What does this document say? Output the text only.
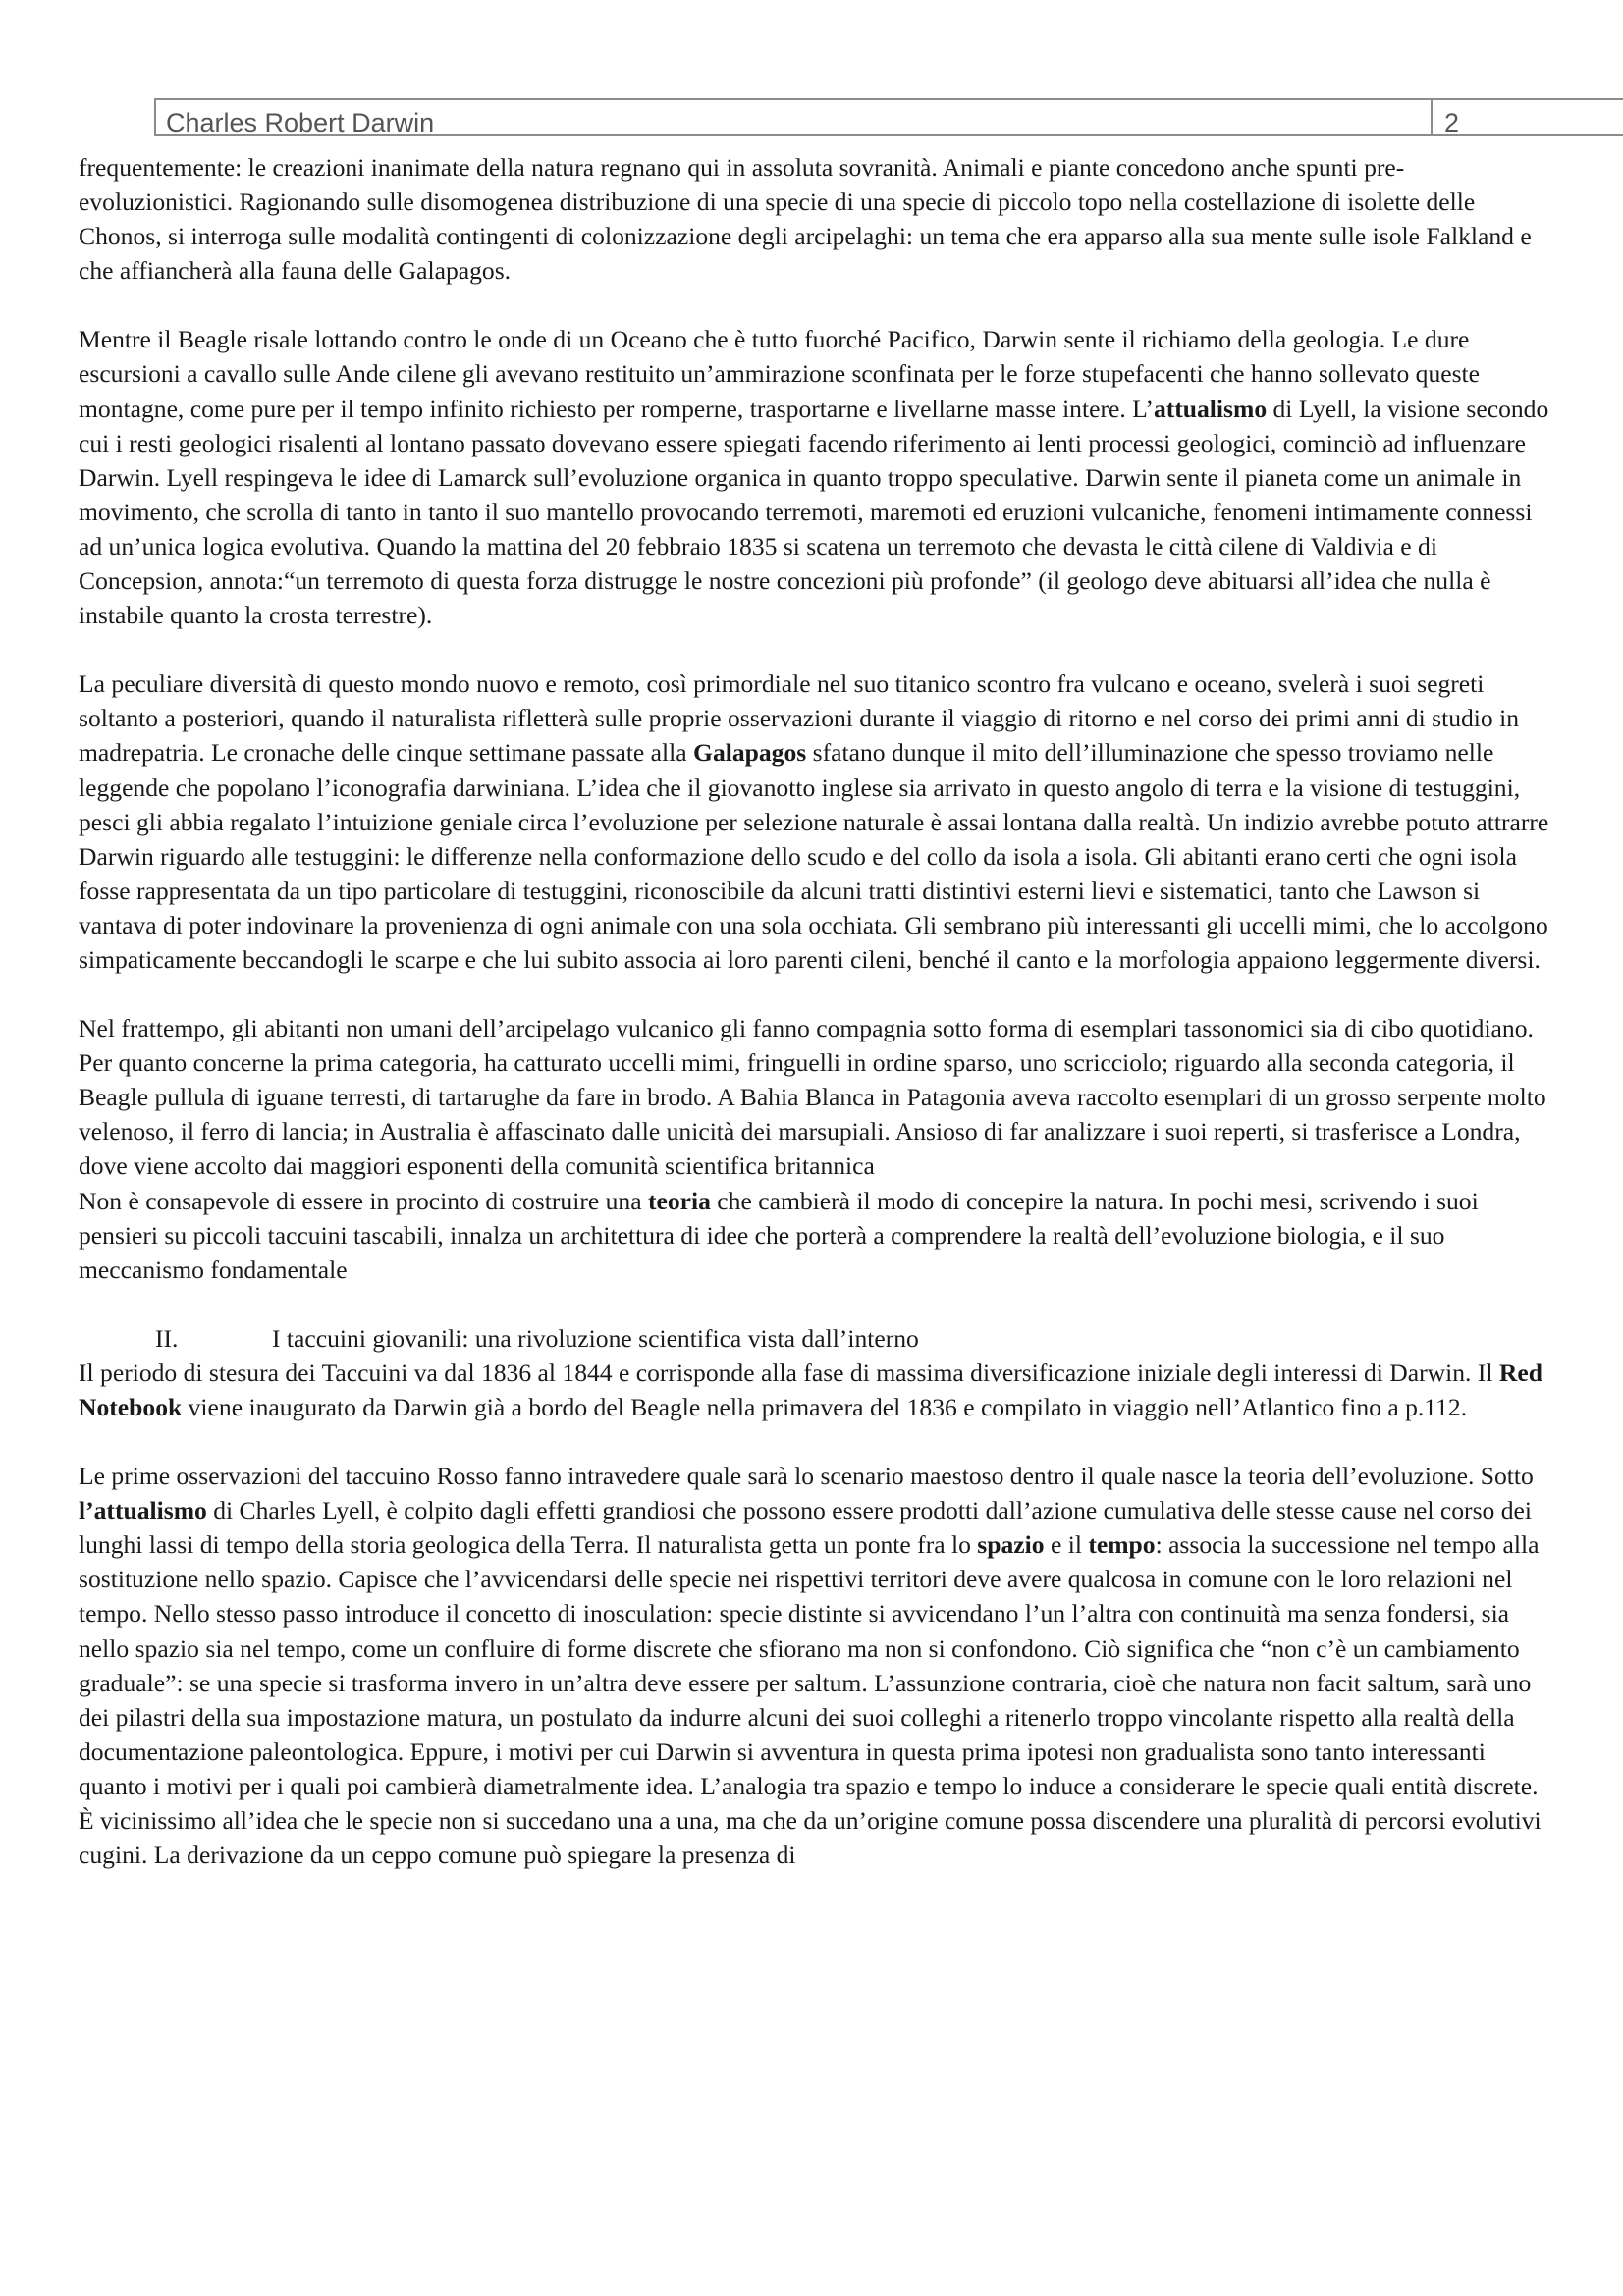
Charles Robert Darwin	2

frequentemente: le creazioni inanimate della natura regnano qui in assoluta sovranità. Animali e piante concedono anche spunti pre-evoluzionistici. Ragionando sulle disomogenea distribuzione di una specie di una specie di piccolo topo nella costellazione di isolette delle Chonos, si interroga sulle modalità contingenti di colonizzazione degli arcipelaghi: un tema che era apparso alla sua mente sulle isole Falkland e che affiancherà alla fauna delle Galapagos.

Mentre il Beagle risale lottando contro le onde di un Oceano che è tutto fuorché Pacifico, Darwin sente il richiamo della geologia. Le dure escursioni a cavallo sulle Ande cilene gli avevano restituito un’ammirazione sconfinata per le forze stupefacenti che hanno sollevato queste montagne, come pure per il tempo infinito richiesto per romperne, trasportarne e livellarne masse intere. L’attualismo di Lyell, la visione secondo cui i resti geologici risalenti al lontano passato dovevano essere spiegati facendo riferimento ai lenti processi geologici, cominciò ad influenzare Darwin. Lyell respingeva le idee di Lamarck sull’evoluzione organica in quanto troppo speculative. Darwin sente il pianeta come un animale in movimento, che scrolla di tanto in tanto il suo mantello provocando terremoti, maremoti ed eruzioni vulcaniche, fenomeni intimamente connessi ad un’unica logica evolutiva. Quando la mattina del 20 febbraio 1835 si scatena un terremoto che devasta le città cilene di Valdivia e di Concepsion, annota:“un terremoto di questa forza distrugge le nostre concezioni più profonde” (il geologo deve abituarsi all’idea che nulla è instabile quanto la crosta terrestre).

La peculiare diversità di questo mondo nuovo e remoto, così primordiale nel suo titanico scontro fra vulcano e oceano, svelerà i suoi segreti soltanto a posteriori, quando il naturalista rifletterà sulle proprie osservazioni durante il viaggio di ritorno e nel corso dei primi anni di studio in madrepatria. Le cronache delle cinque settimane passate alla Galapagos sfatano dunque il mito dell’illuminazione che spesso troviamo nelle leggende che popolano l’iconografia darwiniana. L’idea che il giovanotto inglese sia arrivato in questo angolo di terra e la visione di testuggini, pesci gli abbia regalato l’intuizione geniale circa l’evoluzione per selezione naturale è assai lontana dalla realtà. Un indizio avrebbe potuto attrarre Darwin riguardo alle testuggini: le differenze nella conformazione dello scudo e del collo da isola a isola. Gli abitanti erano certi che ogni isola fosse rappresentata da un tipo particolare di testuggini, riconoscibile da alcuni tratti distintivi esterni lievi e sistematici, tanto che Lawson si vantava di poter indovinare la provenienza di ogni animale con una sola occhiata. Gli sembrano più interessanti gli uccelli mimi, che lo accolgono simpaticamente beccandogli le scarpe e che lui subito associa ai loro parenti cileni, benché il canto e la morfologia appaiono leggermente diversi.

Nel frattempo, gli abitanti non umani dell’arcipelago vulcanico gli fanno compagnia sotto forma di esemplari tassonomici sia di cibo quotidiano. Per quanto concerne la prima categoria, ha catturato uccelli mimi, fringuelli in ordine sparso, uno scricciolo; riguardo alla seconda categoria, il Beagle pullula di iguane terresti, di tartarughe da fare in brodo. A Bahia Blanca in Patagonia aveva raccolto esemplari di un grosso serpente molto velenoso, il ferro di lancia; in Australia è affascinato dalle unicità dei marsupiali. Ansioso di far analizzare i suoi reperti, si trasferisce a Londra, dove viene accolto dai maggiori esponenti della comunità scientifica britannica

Non è consapevole di essere in procinto di costruire una teoria che cambierà il modo di concepire la natura. In pochi mesi, scrivendo i suoi pensieri su piccoli taccuini tascabili, innalza un architettura di idee che porterà a comprendere la realtà dell’evoluzione biologia, e il suo meccanismo fondamentale

II.	I taccuini giovanili: una rivoluzione scientifica vista dall’interno

Il periodo di stesura dei Taccuini va dal 1836 al 1844 e corrisponde alla fase di massima diversificazione iniziale degli interessi di Darwin. Il Red Notebook viene inaugurato da Darwin già a bordo del Beagle nella primavera del 1836 e compilato in viaggio nell’Atlantico fino a p.112.

Le prime osservazioni del taccuino Rosso fanno intravedere quale sarà lo scenario maestoso dentro il quale nasce la teoria dell’evoluzione. Sotto l’attualismo di Charles Lyell, è colpito dagli effetti grandiosi che possono essere prodotti dall’azione cumulativa delle stesse cause nel corso dei lunghi lassi di tempo della storia geologica della Terra. Il naturalista getta un ponte fra lo spazio e il tempo: associa la successione nel tempo alla sostituzione nello spazio. Capisce che l’avvicendarsi delle specie nei rispettivi territori deve avere qualcosa in comune con le loro relazioni nel tempo. Nello stesso passo introduce il concetto di inosculation: specie distinte si avvicendano l’un l’altra con continuità ma senza fondersi, sia nello spazio sia nel tempo, come un confluire di forme discrete che sfiorano ma non si confondono. Ciò significa che “non c’è un cambiamento graduale”: se una specie si trasforma invero in un’altra deve essere per saltum. L’assunzione contraria, cioè che natura non facit saltum, sarà uno dei pilastri della sua impostazione matura, un postulato da indurre alcuni dei suoi colleghi a ritenerlo troppo vincolante rispetto alla realtà della documentazione paleontologica. Eppure, i motivi per cui Darwin si avventura in questa prima ipotesi non gradualista sono tanto interessanti quanto i motivi per i quali poi cambierà diametralmente idea. L’analogia tra spazio e tempo lo induce a considerare le specie quali entità discrete. È vicinissimo all’idea che le specie non si succedano una a una, ma che da un’origine comune possa discendere una pluralità di percorsi evolutivi cugini. La derivazione da un ceppo comune può spiegare la presenza di
